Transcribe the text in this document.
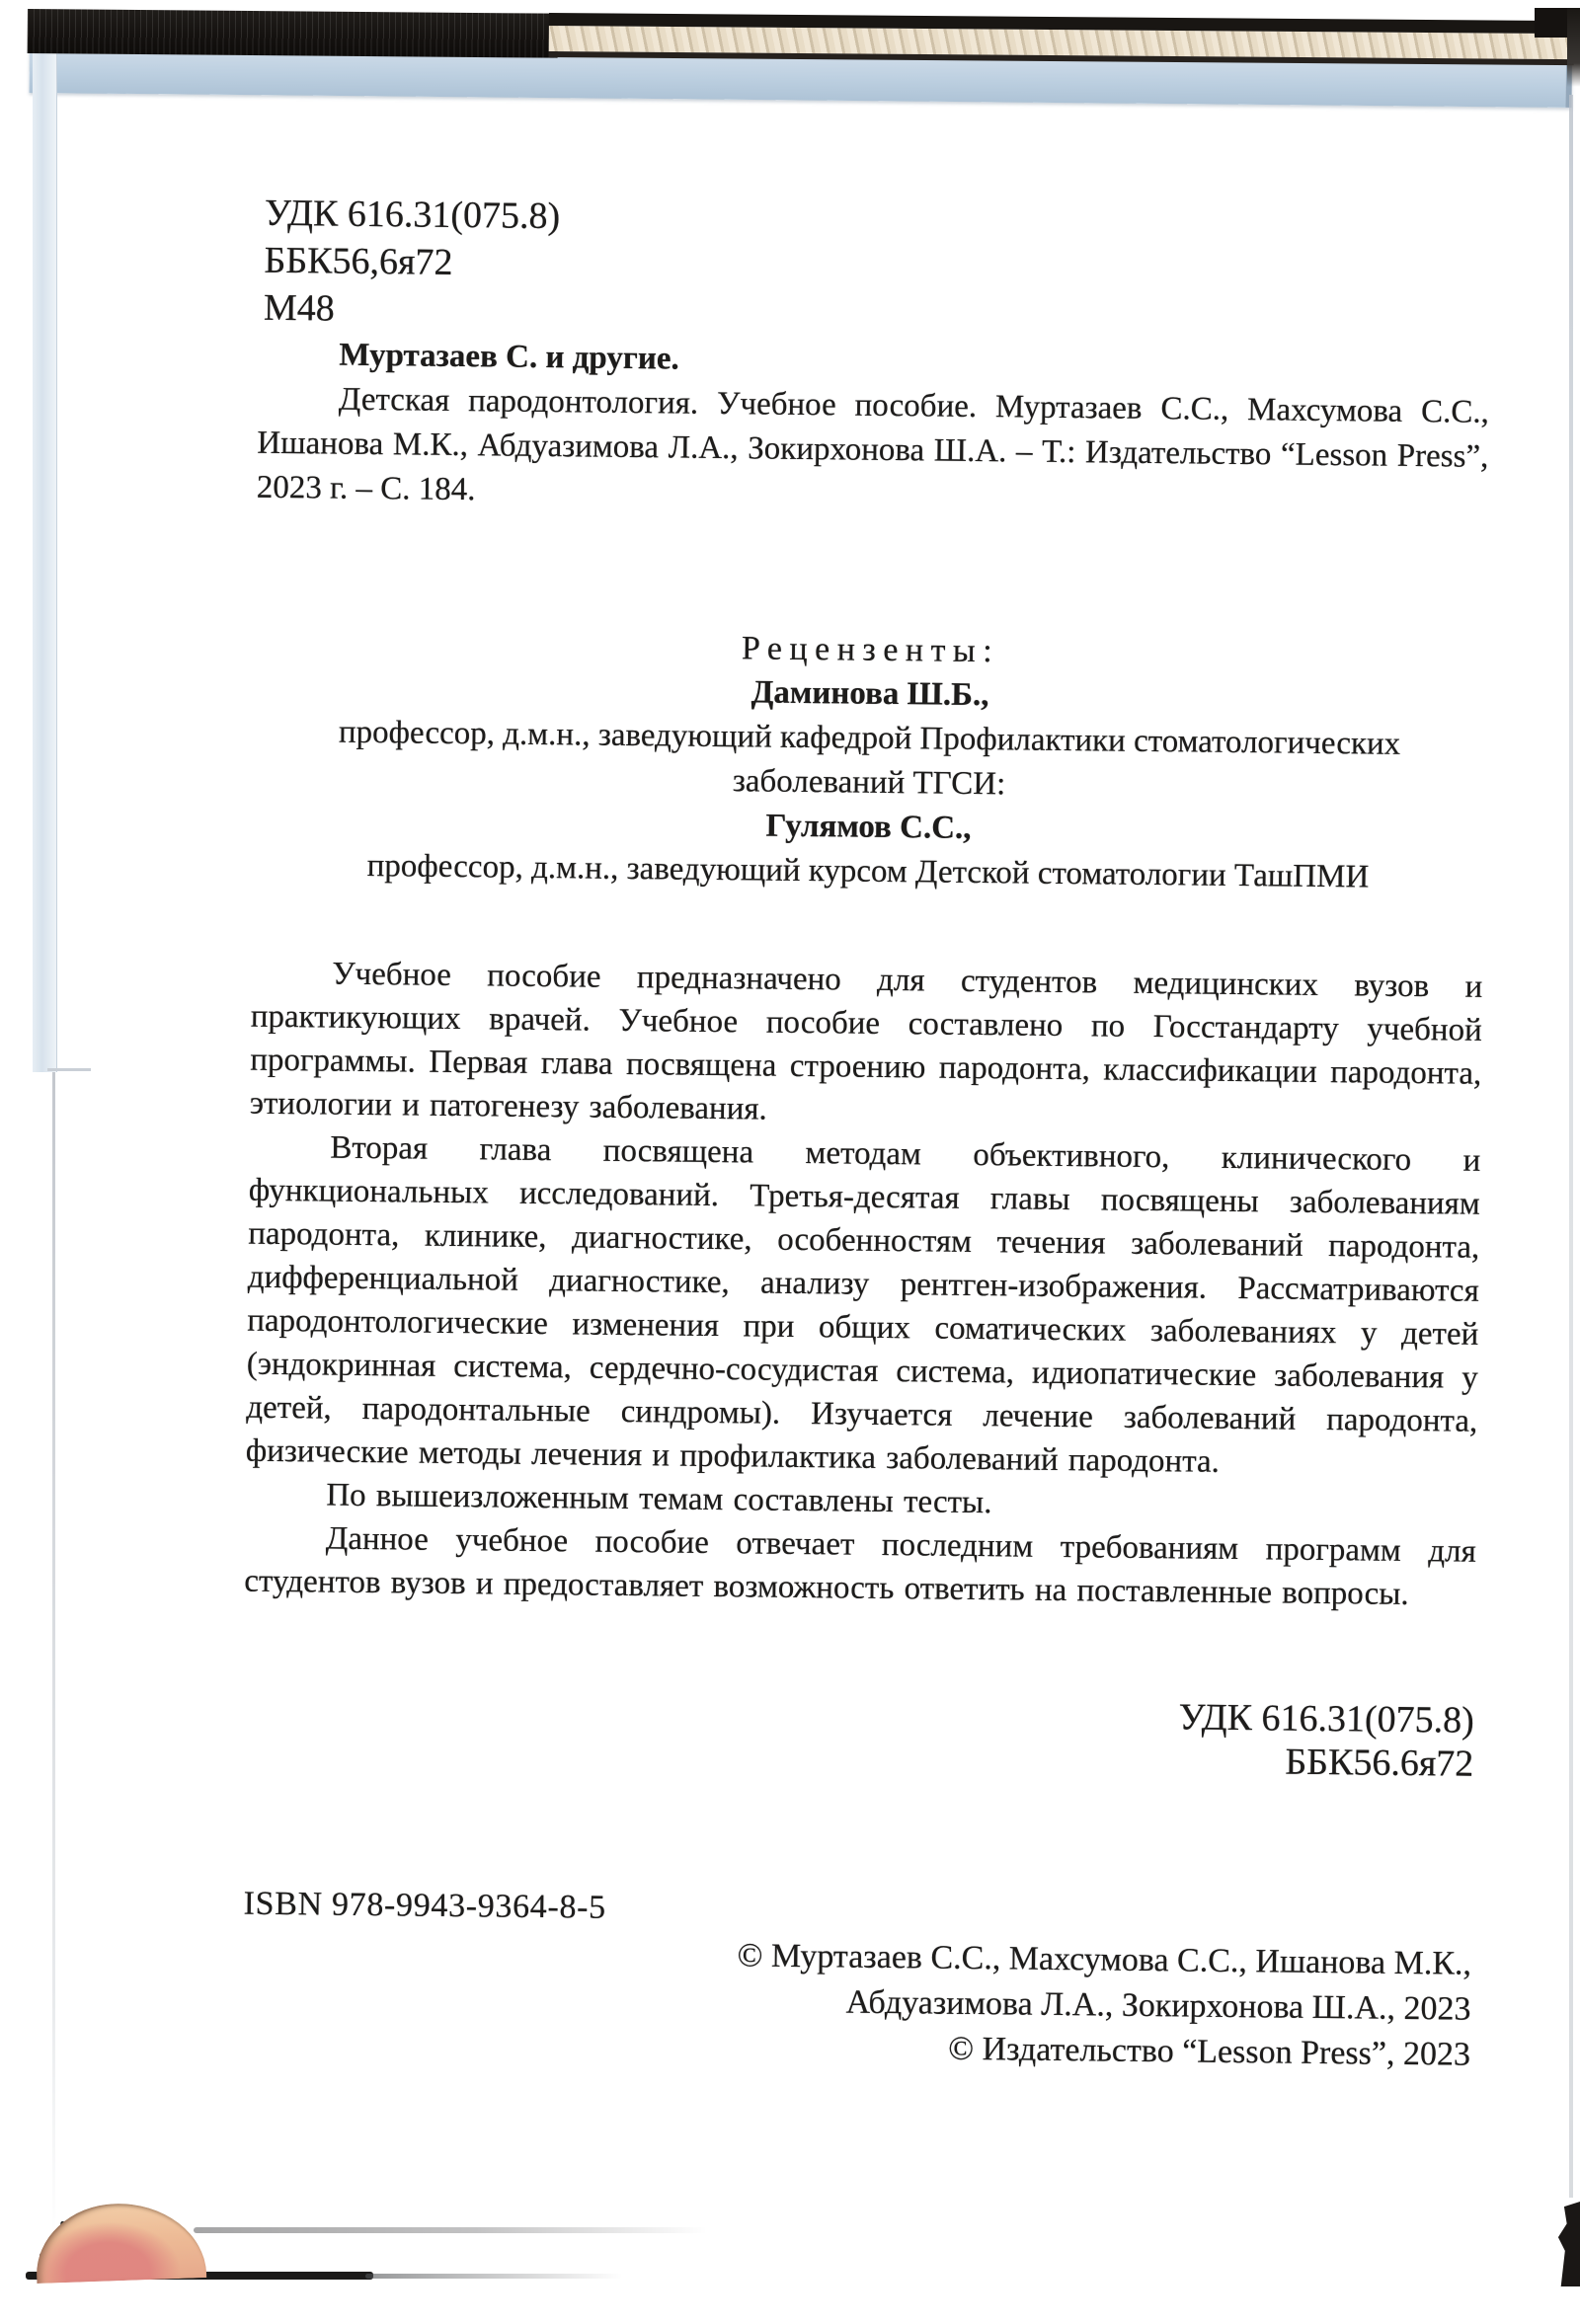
УДК 616.31(075.8)
ББК56,6я72
М48

Муртазаев С. и другие.

Детская пародонтология. Учебное пособие. Муртазаев С.С., Махсумова С.С., Ишанова М.К., Абдуазимова Л.А., Зокирхонова Ш.А. – Т.: Издательство “Lesson Press”, 2023 г. – С. 184.

Рецензенты:

Даминова Ш.Б.,

профессор, д.м.н., заведующий кафедрой Профилактики стоматологических заболеваний ТГСИ:

Гулямов С.С.,

профессор, д.м.н., заведующий курсом Детской стоматологии ТашПМИ

Учебное пособие предназначено для студентов медицинских вузов и практикующих врачей. Учебное пособие составлено по Госстандарту учебной программы. Первая глава посвящена строению пародонта, классификации пародонта, этиологии и патогенезу заболевания.

Вторая глава посвящена методам объективного, клинического и функциональных исследований. Третья-десятая главы посвящены заболеваниям пародонта, клинике, диагностике, особенностям течения заболеваний пародонта, дифференциальной диагностике, анализу рентген-изображения. Рассматриваются пародонтологические изменения при общих соматических заболеваниях у детей (эндокринная система, сердечно-сосудистая система, идиопатические заболевания у детей, пародонтальные синдромы). Изучается лечение заболеваний пародонта, физические методы лечения и профилактика заболеваний пародонта.

По вышеизложенным темам составлены тесты.

Данное учебное пособие отвечает последним требованиям программ для студентов вузов и предоставляет возможность ответить на поставленные вопросы.

УДК 616.31(075.8)
ББК56.6я72
ISBN 978-9943-9364-8-5
© Муртазаев С.С., Махсумова С.С., Ишанова М.К.,
Абдуазимова Л.А., Зокирхонова Ш.А., 2023
© Издательство “Lesson Press”, 2023
